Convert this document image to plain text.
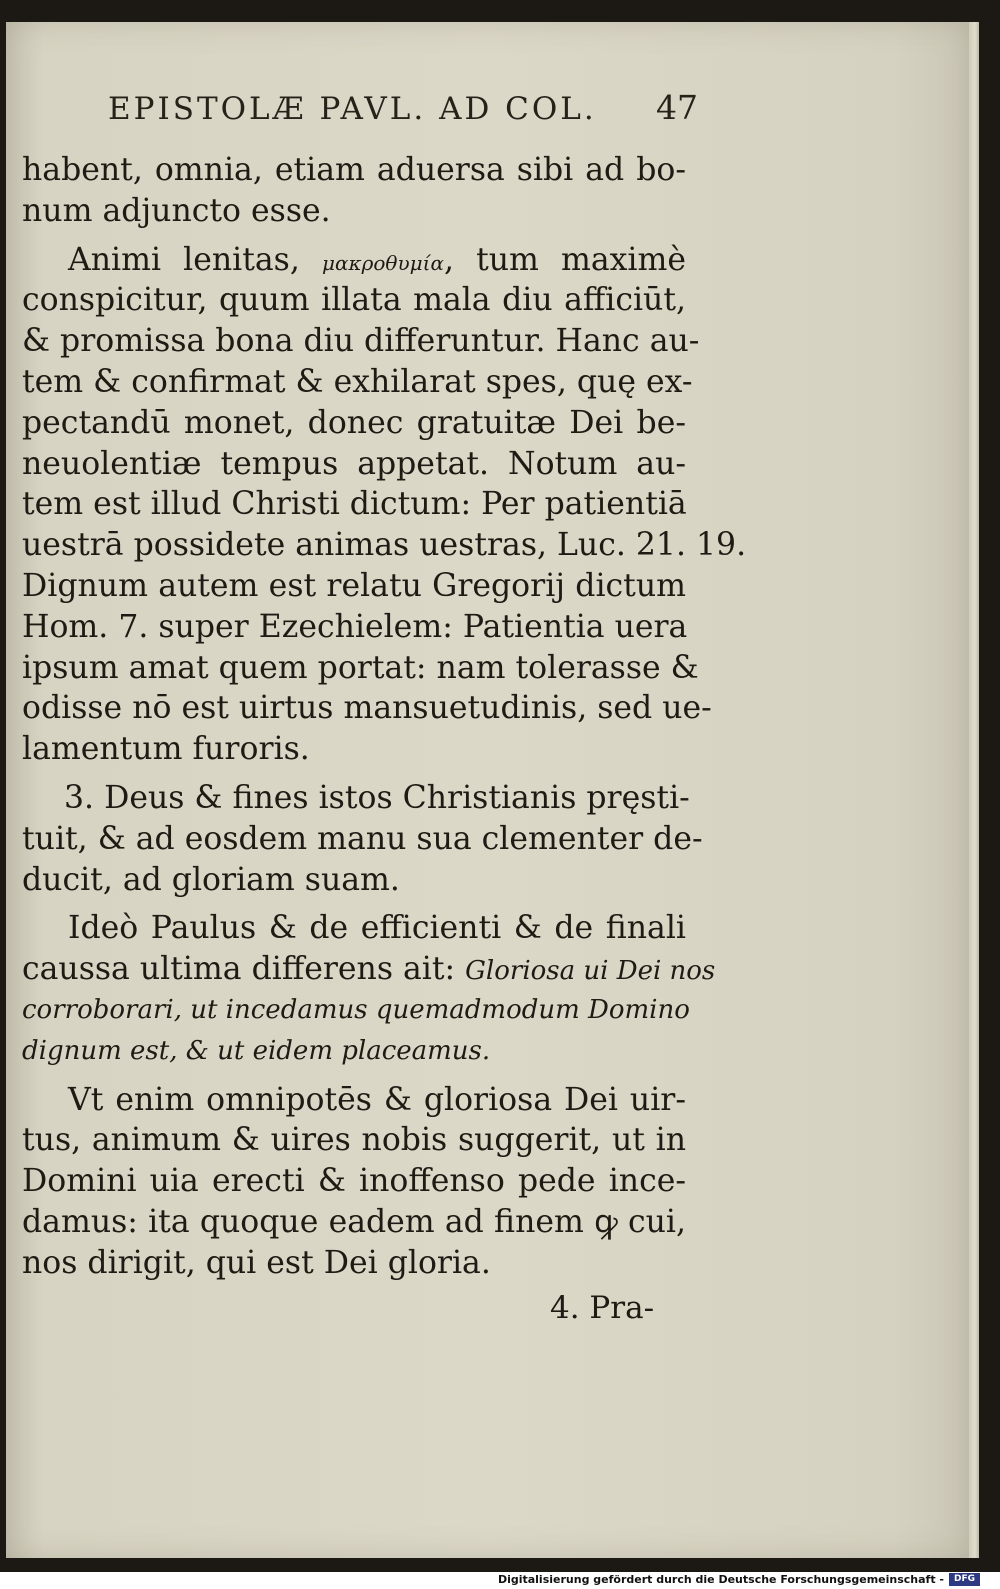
EPISTOLÆ PAVL. AD COL. 47
habent, omnia, etiam aduersa sibi ad bo-
num adjuncto esse.
Animi lenitas, μακροθυμία, tum maximè
conspicitur, quum illata mala diu afficiūt,
& promissa bona diu differuntur. Hanc au-
tem & confirmat & exhilarat spes, quę ex-
pectandū monet, donec gratuitæ Dei be-
neuolentiæ tempus appetat. Notum au-
tem est illud Christi dictum: Per patientiā
uestrā possidete animas uestras, Luc. 21. 19.
Dignum autem est relatu Gregorij dictum
Hom. 7. super Ezechielem: Patientia uera
ipsum amat quem portat: nam tolerasse &
odisse nō est uirtus mansuetudinis, sed ue-
lamentum furoris.
3. Deus & fines istos Christianis pręsti-
tuit, & ad eosdem manu sua clementer de-
ducit, ad gloriam suam.
Ideò Paulus & de efficienti & de finali
caussa ultima differens ait: Gloriosa ui Dei nos
corroborari, ut incedamus quemadmodum Domino
dignum est, & ut eidem placeamus.
Vt enim omnipotēs & gloriosa Dei uir-
tus, animum & uires nobis suggerit, ut in
Domini uia erecti & inoffenso pede ince-
damus: ita quoque eadem ad finem ꝙ cui,
nos dirigit, qui est Dei gloria.
4. Pra-
Digitalisierung gefördert durch die Deutsche Forschungsgemeinschaft -	DFG
